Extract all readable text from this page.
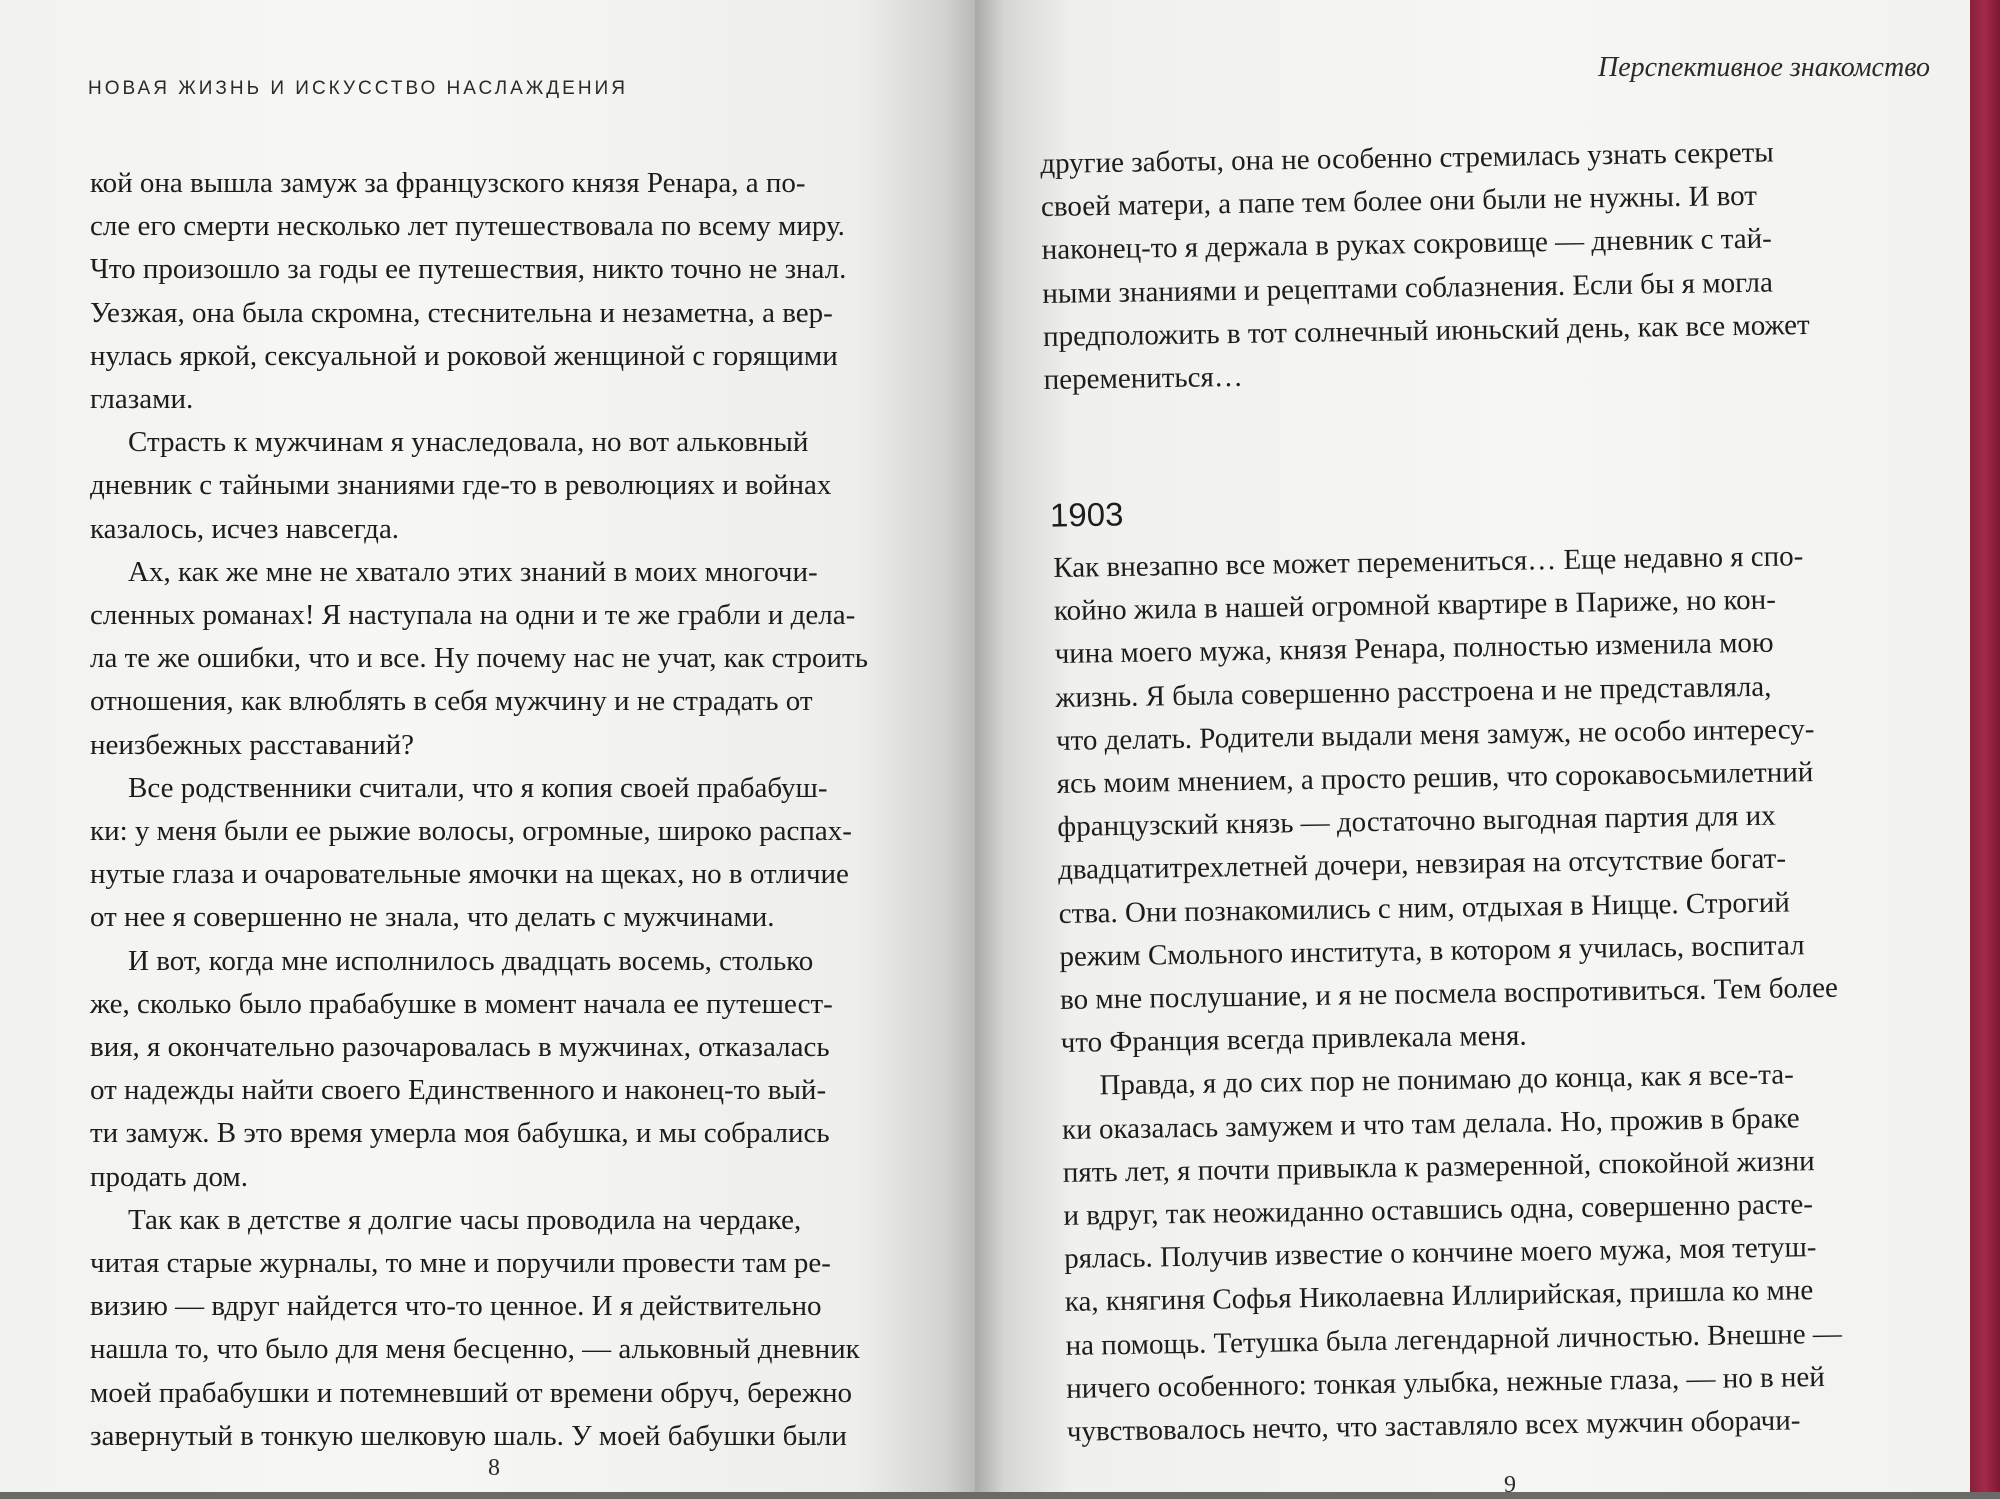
НОВАЯ ЖИЗНЬ И ИСКУССТВО НАСЛАЖДЕНИЯ

кой она вышла замуж за французского князя Ренара, а по-
сле его смерти несколько лет путешествовала по всему миру.
Что произошло за годы ее путешествия, никто точно не знал.
Уезжая, она была скромна, стеснительна и незаметна, а вер-
нулась яркой, сексуальной и роковой женщиной с горящими
глазами.

Страсть к мужчинам я унаследовала, но вот альковный
дневник с тайными знаниями где-то в революциях и войнах
казалось, исчез навсегда.

Ах, как же мне не хватало этих знаний в моих многочи-
сленных романах! Я наступала на одни и те же грабли и дела-
ла те же ошибки, что и все. Ну почему нас не учат, как строить
отношения, как влюблять в себя мужчину и не страдать от
неизбежных расставаний?

Все родственники считали, что я копия своей прабабуш-
ки: у меня были ее рыжие волосы, огромные, широко распах-
нутые глаза и очаровательные ямочки на щеках, но в отличие
от нее я совершенно не знала, что делать с мужчинами.

И вот, когда мне исполнилось двадцать восемь, столько
же, сколько было прабабушке в момент начала ее путешест-
вия, я окончательно разочаровалась в мужчинах, отказалась
от надежды найти своего Единственного и наконец-то вый-
ти замуж. В это время умерла моя бабушка, и мы собрались
продать дом.

Так как в детстве я долгие часы проводила на чердаке,
читая старые журналы, то мне и поручили провести там ре-
визию — вдруг найдется что-то ценное. И я действительно
нашла то, что было для меня бесценно, — альковный дневник
моей прабабушки и потемневший от времени обруч, бережно
завернутый в тонкую шелковую шаль. У моей бабушки были

8
Перспективное знакомство

другие заботы, она не особенно стремилась узнать секреты
своей матери, а папе тем более они были не нужны. И вот
наконец-то я держала в руках сокровище — дневник с тай-
ными знаниями и рецептами соблазнения. Если бы я могла
предположить в тот солнечный июньский день, как все может
перемениться…

1903

Как внезапно все может перемениться… Еще недавно я спо-
койно жила в нашей огромной квартире в Париже, но кон-
чина моего мужа, князя Ренара, полностью изменила мою
жизнь. Я была совершенно расстроена и не представляла,
что делать. Родители выдали меня замуж, не особо интересу-
ясь моим мнением, а просто решив, что сорокавосьмилетний
французский князь — достаточно выгодная партия для их
двадцатитрехлетней дочери, невзирая на отсутствие богат-
ства. Они познакомились с ним, отдыхая в Ницце. Строгий
режим Смольного института, в котором я училась, воспитал
во мне послушание, и я не посмела воспротивиться. Тем более
что Франция всегда привлекала меня.

Правда, я до сих пор не понимаю до конца, как я все-та-
ки оказалась замужем и что там делала. Но, прожив в браке
пять лет, я почти привыкла к размеренной, спокойной жизни
и вдруг, так неожиданно оставшись одна, совершенно расте-
рялась. Получив известие о кончине моего мужа, моя тетуш-
ка, княгиня Софья Николаевна Иллирийская, пришла ко мне
на помощь. Тетушка была легендарной личностью. Внешне —
ничего особенного: тонкая улыбка, нежные глаза, — но в ней
чувствовалось нечто, что заставляло всех мужчин оборачи-

9
